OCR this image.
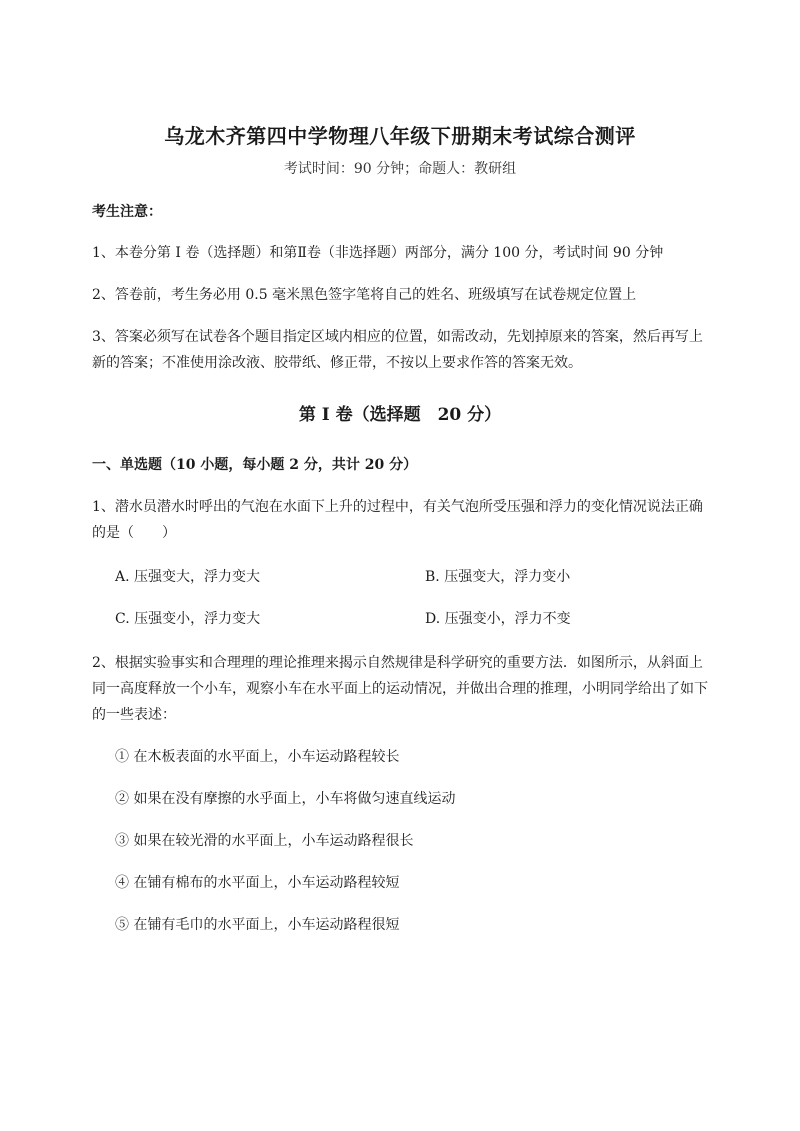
乌龙木齐第四中学物理八年级下册期末考试综合测评
考试时间：90 分钟；命题人：教研组
考生注意：
1、本卷分第 I 卷（选择题）和第Ⅱ卷（非选择题）两部分，满分 100 分，考试时间 90 分钟
2、答卷前，考生务必用 0.5 毫米黑色签字笔将自己的姓名、班级填写在试卷规定位置上
3、答案必须写在试卷各个题目指定区域内相应的位置，如需改动，先划掉原来的答案，然后再写上新的答案；不准使用涂改液、胶带纸、修正带，不按以上要求作答的答案无效。
第 I 卷（选择题　20 分）
一、单选题（10 小题，每小题 2 分，共计 20 分）
1、潜水员潜水时呼出的气泡在水面下上升的过程中，有关气泡所受压强和浮力的变化情况说法正确的是（　　）
A. 压强变大，浮力变大	B. 压强变大，浮力变小
C. 压强变小，浮力变大	D. 压强变小，浮力不变
2、根据实验事实和合理理的理论推理来揭示自然规律是科学研究的重要方法．如图所示，从斜面上同一高度释放一个小车，观察小车在水平面上的运动情况，并做出合理的推理，小明同学给出了如下的一些表述：
① 在木板表面的水平面上，小车运动路程较长
② 如果在没有摩擦的水乎面上，小车将做匀速直线运动
③ 如果在较光滑的水平面上，小车运动路程很长
④ 在铺有棉布的水平面上，小车运动路程较短
⑤ 在铺有毛巾的水平面上，小车运动路程很短
